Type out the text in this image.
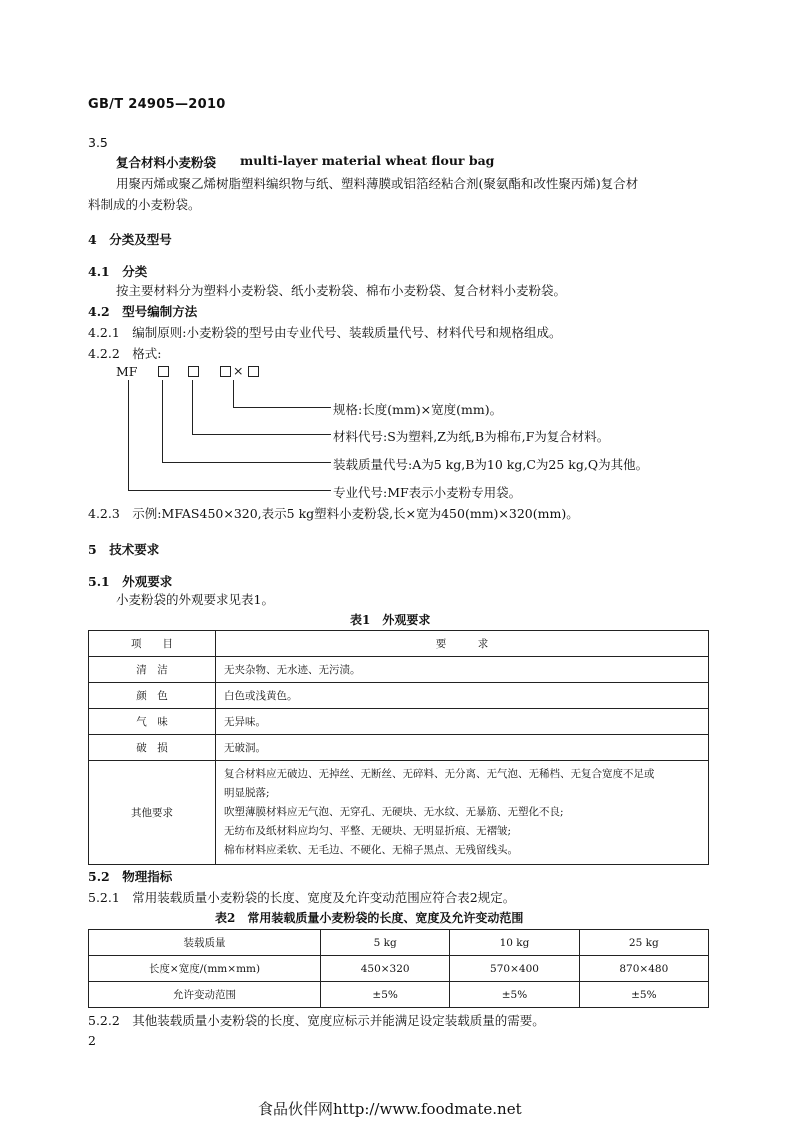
GB/T 24905—2010
3.5
复合材料小麦粉袋 multi-layer material wheat flour bag
用聚丙烯或聚乙烯树脂塑料编织物与纸、塑料薄膜或铝箔经粘合剂(聚氨酯和改性聚丙烯)复合材
料制成的小麦粉袋。
4　分类及型号
4.1　分类
按主要材料分为塑料小麦粉袋、纸小麦粉袋、棉布小麦粉袋、复合材料小麦粉袋。
4.2　型号编制方法
4.2.1　编制原则:小麦粉袋的型号由专业代号、装载质量代号、材料代号和规格组成。
4.2.2　格式:
MF	×
规格:长度(mm)×宽度(mm)。
材料代号:S为塑料,Z为纸,B为棉布,F为复合材料。
装载质量代号:A为5 kg,B为10 kg,C为25 kg,Q为其他。
专业代号:MF表示小麦粉专用袋。
4.2.3　示例:MFAS450×320,表示5 kg塑料小麦粉袋,长×宽为450(mm)×320(mm)。
5　技术要求
5.1　外观要求
小麦粉袋的外观要求见表1。
表1　外观要求
项　　目	要　　　求
清　洁	无夹杂物、无水迹、无污渍。
颜　色	白色或浅黄色。
气　味	无异味。
破　损	无破洞。
其他要求	复合材料应无破边、无掉丝、无断丝、无碎料、无分离、无气泡、无稀档、无复合宽度不足或
明显脱落;
吹塑薄膜材料应无气泡、无穿孔、无硬块、无水纹、无暴筋、无塑化不良;
无纺布及纸材料应均匀、平整、无硬块、无明显折痕、无褶皱;
棉布材料应柔软、无毛边、不硬化、无棉子黑点、无残留线头。
5.2　物理指标
5.2.1　常用装载质量小麦粉袋的长度、宽度及允许变动范围应符合表2规定。
表2　常用装载质量小麦粉袋的长度、宽度及允许变动范围
装载质量	5 kg	10 kg	25 kg
长度×宽度/(mm×mm)	450×320	570×400	870×480
允许变动范围	±5%	±5%	±5%
5.2.2　其他装载质量小麦粉袋的长度、宽度应标示并能满足设定装载质量的需要。
2
食品伙伴网http://www.foodmate.net
